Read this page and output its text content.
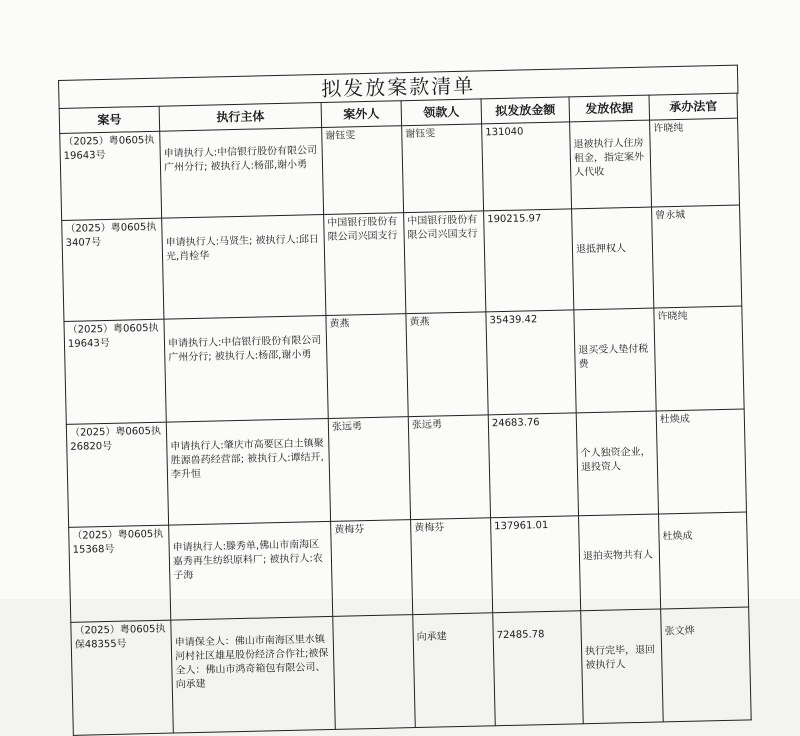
拟发放案款清单
案号	执行主体	案外人	领款人	拟发放金额	发放依据	承办法官
（2025）粤0605执19643号	申请执行人:中信银行股份有限公司广州分行; 被执行人:杨邵,谢小勇	谢钰雯	谢钰雯	131040	退被执行人住房租金，指定案外人代收	许晓纯
（2025）粤0605执3407号	申请执行人:马贤生; 被执行人:邱日光,肖检华	中国银行股份有限公司兴国支行	中国银行股份有限公司兴国支行	190215.97	退抵押权人	曾永城
（2025）粤0605执19643号	申请执行人:中信银行股份有限公司广州分行; 被执行人:杨邵,谢小勇	黄燕	黄燕	35439.42	退买受人垫付税费	许晓纯
（2025）粤0605执26820号	申请执行人:肇庆市高要区白土镇聚胜源兽药经营部; 被执行人:谭结开,李升恒	张远勇	张远勇	24683.76	个人独资企业，退投资人	杜焕成
（2025）粤0605执15368号	申请执行人:滕秀单,佛山市南海区嘉秀再生纺织原料厂; 被执行人:农子海	黄梅芬	黄梅芬	137961.01	退拍卖物共有人	杜焕成
（2025）粤0605执保48355号	申请保全人：佛山市南海区里水镇河村社区雄星股份经济合作社;被保全人：佛山市鸿奇箱包有限公司、向承建		向承建	72485.78	执行完毕，退回被执行人	张文烨
